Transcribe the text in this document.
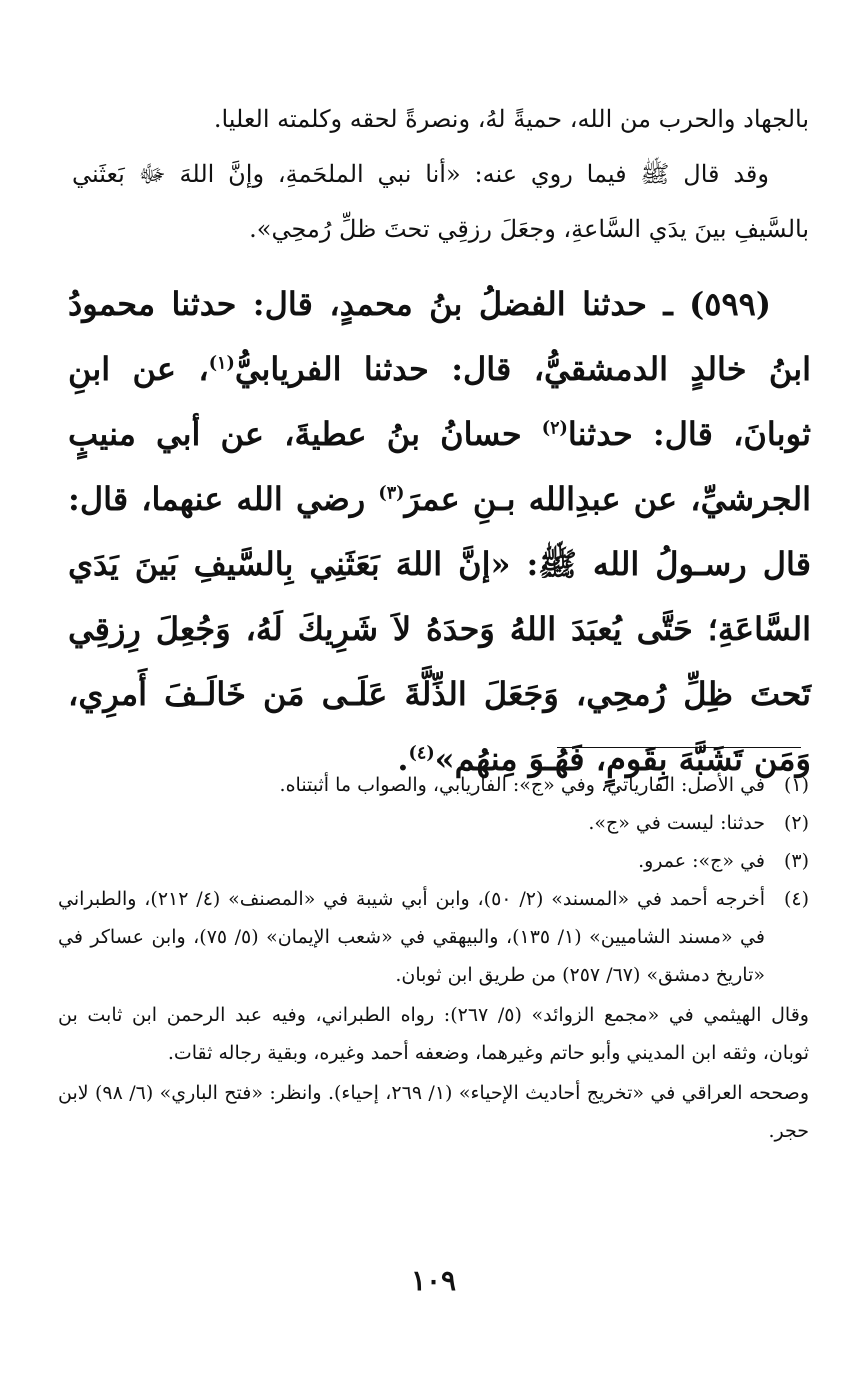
بالجهاد والحرب من الله، حميةً لهُ، ونصرةً لحقه وكلمته العليا.

وقد قال ﷺ فيما روي عنه: «أنا نبي الملحَمةِ، وإنَّ اللهَ ﷻ بَعثَني بالسَّيفِ بينَ يدَي السَّاعةِ، وجعَلَ رزقِي تحتَ ظلِّ رُمحِي».

(٥٩٩) ـ حدثنا الفضلُ بنُ محمدٍ، قال: حدثنا محمودُ ابنُ خالدٍ الدمشقيُّ، قال: حدثنا الفريابيُّ$^{(١)}$، عن ابنِ ثوبانَ، قال: حدثنا$^{(٢)}$ حسانُ بنُ عطيةَ، عن أبي منيبٍ الجرشيِّ، عن عبدِالله بـنِ عمرَ$^{(٣)}$ رضي الله عنهما، قال: قال رسـولُ الله ﷺ: «إنَّ اللهَ بَعَثَنِي بِالسَّيفِ بَينَ يَدَي السَّاعَةِ؛ حَتَّى يُعبَدَ اللهُ وَحدَهُ لاَ شَرِيكَ لَهُ، وَجُعِلَ رِزقِي تَحتَ ظِلِّ رُمحِي، وَجَعَلَ الذِّلَّةَ عَلَـى مَن خَالَـفَ أَمرِي، وَمَن تَشَبَّهَ بِقَومٍ، فَهُـوَ مِنهُم»$^{(٤)}$.

(١)
في الأصل: الفارياتي، وفي «ج»: الفاريابي، والصواب ما أثبتناه.
(٢)
حدثنا: ليست في «ج».
(٣)
في «ج»: عمرو.
(٤)
أخرجه أحمد في «المسند» (٢/ ٥٠)، وابن أبي شيبة في «المصنف» (٤/ ٢١٢)، والطبراني في «مسند الشاميين» (١/ ١٣٥)، والبيهقي في «شعب الإيمان» (٥/ ٧٥)، وابن عساكر في «تاريخ دمشق» (٦٧/ ٢٥٧) من طريق ابن ثوبان.
وقال الهيثمي في «مجمع الزوائد» (٥/ ٢٦٧): رواه الطبراني، وفيه عبد الرحمن ابن ثابت بن ثوبان، وثقه ابن المديني وأبو حاتم وغيرهما، وضعفه أحمد وغيره، وبقية رجاله ثقات.
وصححه العراقي في «تخريج أحاديث الإحياء» (١/ ٢٦٩، إحياء). وانظر: «فتح الباري» (٦/ ٩٨) لابن حجر.
١٠٩
